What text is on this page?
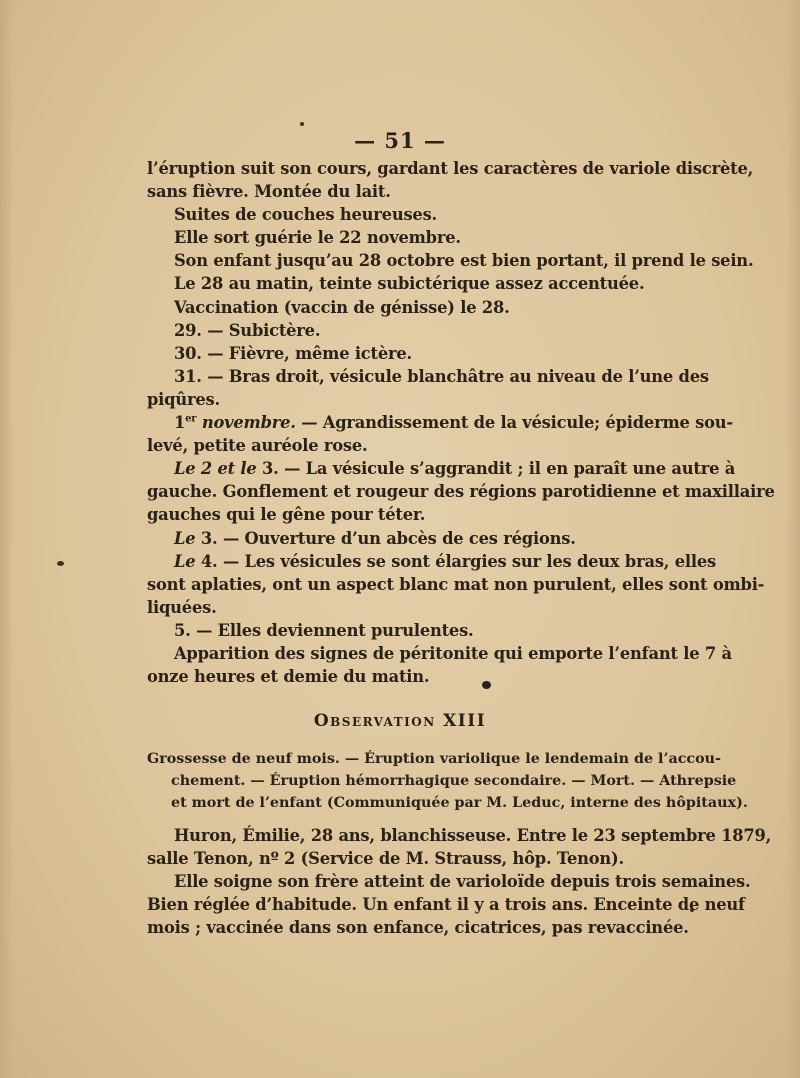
— 51 —
l’éruption suit son cours, gardant les caractères de variole discrète,
sans fièvre. Montée du lait.
Suites de couches heureuses.
Elle sort guérie le 22 novembre.
Son enfant jusqu’au 28 octobre est bien portant, il prend le sein.
Le 28 au matin, teinte subictérique assez accentuée.
Vaccination (vaccin de génisse) le 28.
29. — Subictère.
30. — Fièvre, même ictère.
31. — Bras droit, vésicule blanchâtre au niveau de l’une des
piqûres.
1er novembre. — Agrandissement de la vésicule; épiderme sou-
levé, petite auréole rose.
Le 2 et le 3. — La vésicule s’aggrandit ; il en paraît une autre à
gauche. Gonflement et rougeur des régions parotidienne et maxillaire
gauches qui le gêne pour téter.
Le 3. — Ouverture d’un abcès de ces régions.
Le 4. — Les vésicules se sont élargies sur les deux bras, elles
sont aplaties, ont un aspect blanc mat non purulent, elles sont ombi-
liquées.
5. — Elles deviennent purulentes.
Apparition des signes de péritonite qui emporte l’enfant le 7 à
onze heures et demie du matin.
Observation XIII
Grossesse de neuf mois. — Éruption variolique le lendemain de l’accou-
chement. — Éruption hémorrhagique secondaire. — Mort. — Athrepsie
et mort de l’enfant (Communiquée par M. Leduc, interne des hôpitaux).
Huron, Émilie, 28 ans, blanchisseuse. Entre le 23 septembre 1879,
salle Tenon, nº 2 (Service de M. Strauss, hôp. Tenon).
Elle soigne son frère atteint de varioloïde depuis trois semaines.
Bien réglée d’habitude. Un enfant il y a trois ans. Enceinte de neuf
mois ; vaccinée dans son enfance, cicatrices, pas revaccinée.
